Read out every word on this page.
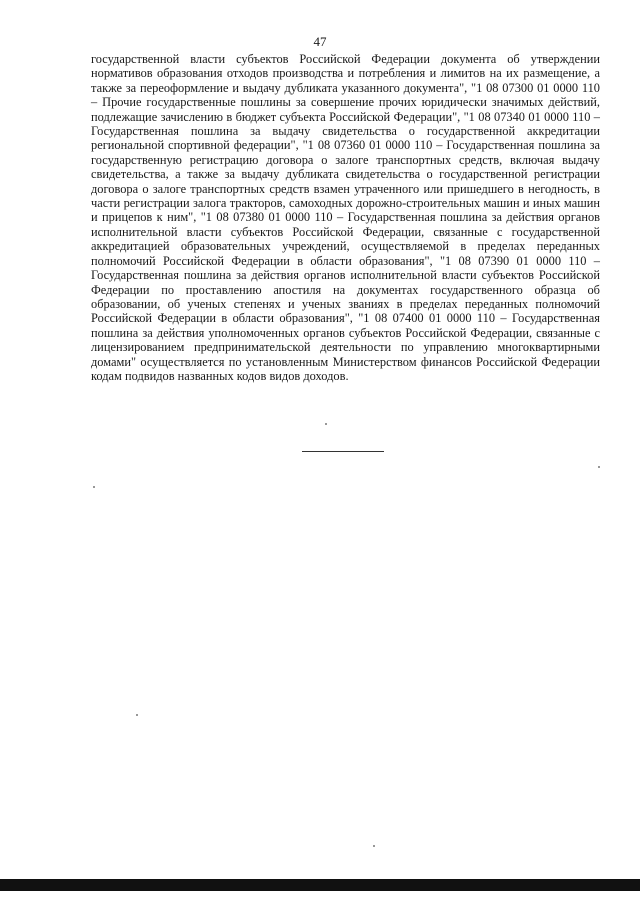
47

государственной власти субъектов Российской Федерации документа об утверждении нормативов образования отходов производства и потребления и лимитов на их размещение, а также за переоформление и выдачу дубликата указанного документа", "1 08 07300 01 0000 110 – Прочие государственные пошлины за совершение прочих юридически значимых действий, подлежащие зачислению в бюджет субъекта Российской Федерации", "1 08 07340 01 0000 110 – Государственная пошлина за выдачу свидетельства о государственной аккредитации региональной спортивной федерации", "1 08 07360 01 0000 110 – Государственная пошлина за государственную регистрацию договора о залоге транспортных средств, включая выдачу свидетельства, а также за выдачу дубликата свидетельства о государственной регистрации договора о залоге транспортных средств взамен утраченного или пришедшего в негодность, в части регистрации залога тракторов, самоходных дорожно-строительных машин и иных машин и прицепов к ним", "1 08 07380 01 0000 110 – Государственная пошлина за действия органов исполнительной власти субъектов Российской Федерации, связанные с государственной аккредитацией образовательных учреждений, осуществляемой в пределах переданных полномочий Российской Федерации в области образования", "1 08 07390 01 0000 110 – Государственная пошлина за действия органов исполнительной власти субъектов Российской Федерации по проставлению апостиля на документах государственного образца об образовании, об ученых степенях и ученых званиях в пределах переданных полномочий Российской Федерации в области образования", "1 08 07400 01 0000 110 – Государственная пошлина за действия уполномоченных органов субъектов Российской Федерации, связанные с лицензированием предпринимательской деятельности по управлению многоквартирными домами" осуществляется по установленным Министерством финансов Российской Федерации кодам подвидов названных кодов видов доходов.
